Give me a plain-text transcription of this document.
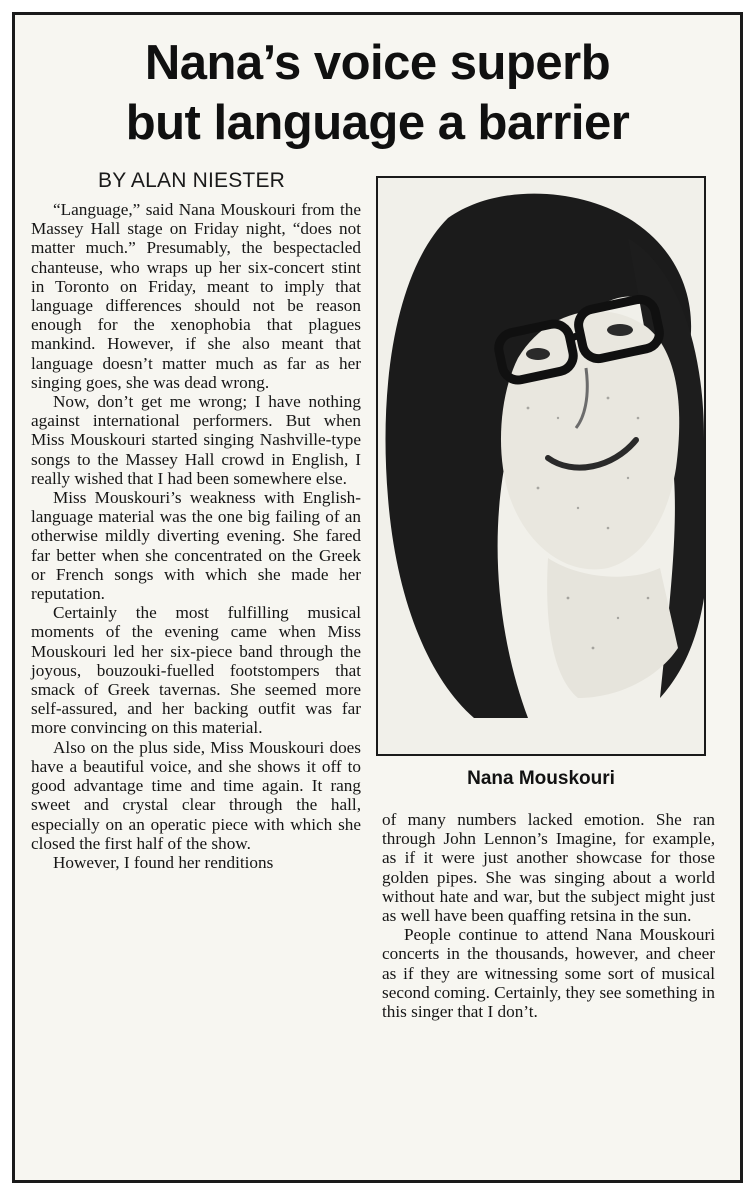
Nana’s voice superb
but language a barrier
BY ALAN NIESTER

“Language,” said Nana Mouskouri from the Massey Hall stage on Friday night, “does not matter much.” Presumably, the bespectacled chanteuse, who wraps up her six-concert stint in Toronto on Friday, meant to imply that language differences should not be reason enough for the xenophobia that plagues mankind. However, if she also meant that language doesn’t matter much as far as her singing goes, she was dead wrong.

Now, don’t get me wrong; I have nothing against international performers. But when Miss Mouskouri started singing Nashville-type songs to the Massey Hall crowd in English, I really wished that I had been somewhere else.

Miss Mouskouri’s weakness with English-language material was the one big failing of an otherwise mildly diverting evening. She fared far better when she concentrated on the Greek or French songs with which she made her reputation.

Certainly the most fulfilling musical moments of the evening came when Miss Mouskouri led her six-piece band through the joyous, bouzouki-fuelled footstompers that smack of Greek tavernas. She seemed more self-assured, and her backing outfit was far more convincing on this material.

Also on the plus side, Miss Mouskouri does have a beautiful voice, and she shows it off to good advantage time and time again. It rang sweet and crystal clear through the hall, especially on an operatic piece with which she closed the first half of the show.

However, I found her renditions

Nana Mouskouri

of many numbers lacked emotion. She ran through John Lennon’s Imagine, for example, as if it were just another showcase for those golden pipes. She was singing about a world without hate and war, but the subject might just as well have been quaffing retsina in the sun.

People continue to attend Nana Mouskouri concerts in the thousands, however, and cheer as if they are witnessing some sort of musical second coming. Certainly, they see something in this singer that I don’t.
